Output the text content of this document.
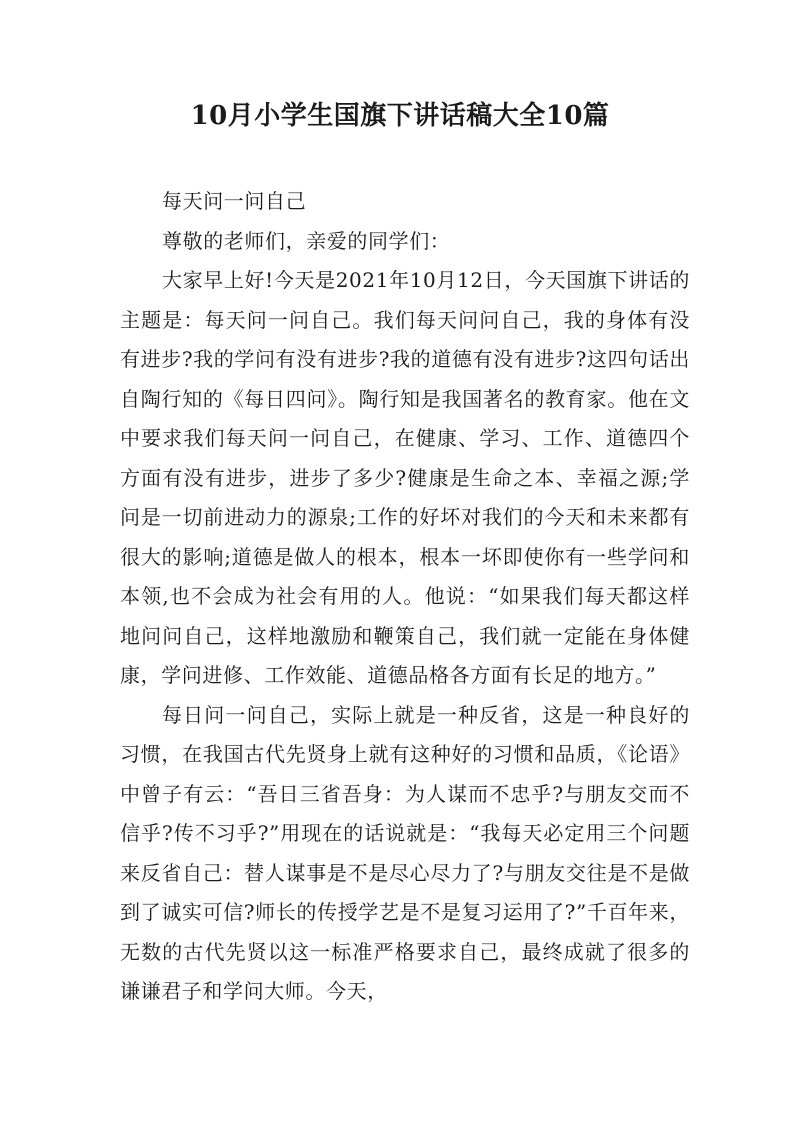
10月小学生国旗下讲话稿大全10篇

每天问一问自己

尊敬的老师们，亲爱的同学们：

大家早上好!今天是2021年10月12日，今天国旗下讲话的主题是：每天问一问自己。我们每天问问自己，我的身体有没有进步?我的学问有没有进步?我的道德有没有进步?这四句话出自陶行知的《每日四问》。陶行知是我国著名的教育家。他在文中要求我们每天问一问自己，在健康、学习、工作、道德四个方面有没有进步，进步了多少?健康是生命之本、幸福之源;学问是一切前进动力的源泉;工作的好坏对我们的今天和未来都有很大的影响;道德是做人的根本，根本一坏即使你有一些学问和本领,也不会成为社会有用的人。他说：“如果我们每天都这样地问问自己，这样地激励和鞭策自己，我们就一定能在身体健康，学问进修、工作效能、道德品格各方面有长足的地方。”

每日问一问自己，实际上就是一种反省，这是一种良好的习惯，在我国古代先贤身上就有这种好的习惯和品质，《论语》中曾子有云：“吾日三省吾身：为人谋而不忠乎?与朋友交而不信乎?传不习乎?”用现在的话说就是：“我每天必定用三个问题来反省自己：替人谋事是不是尽心尽力了?与朋友交往是不是做到了诚实可信?师长的传授学艺是不是复习运用了?”千百年来，无数的古代先贤以这一标准严格要求自己，最终成就了很多的谦谦君子和学问大师。今天，
